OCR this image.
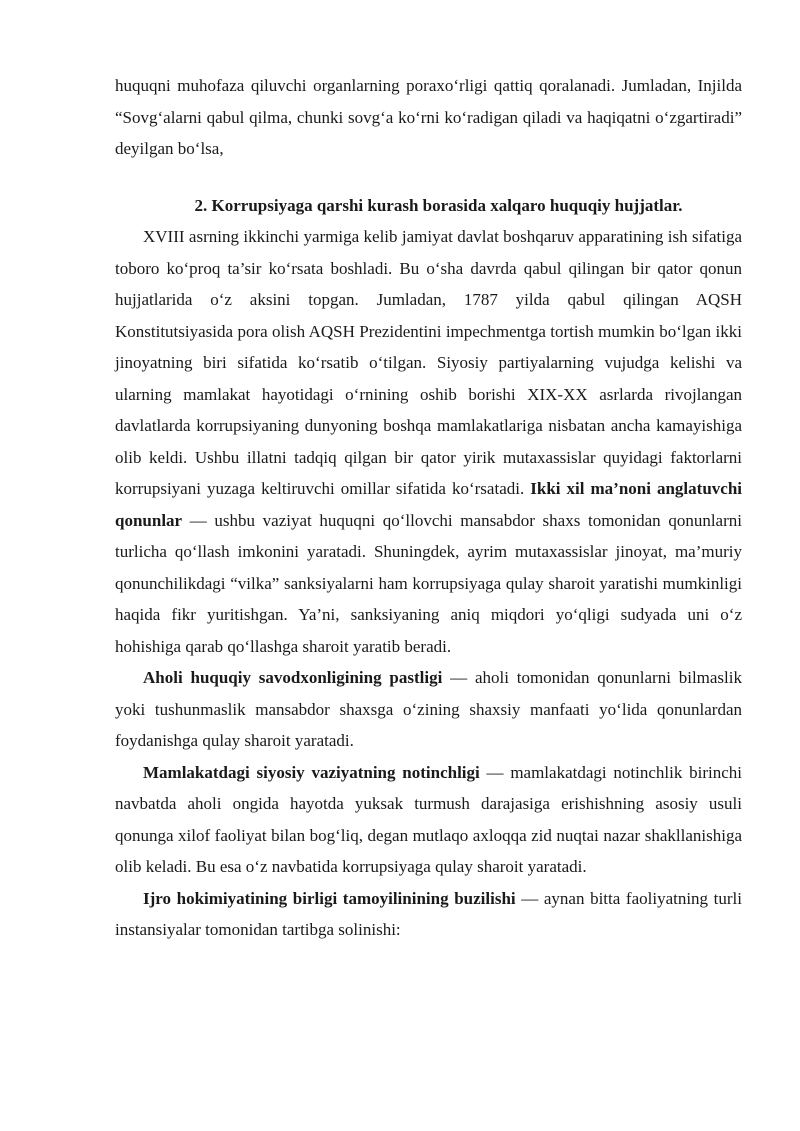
huquqni muhofaza qiluvchi organlarning poraxo‘rligi qattiq qoralanadi. Jumladan, Injilda “Sovg‘alarni qabul qilma, chunki sovg‘a ko‘rni ko‘radigan qiladi va haqiqatni o‘zgartiradi” deyilgan bo‘lsa,

2. Korrupsiyaga qarshi kurash borasida xalqaro huquqiy hujjatlar.

XVIII asrning ikkinchi yarmiga kelib jamiyat davlat boshqaruv apparatining ish sifatiga toboro ko‘proq ta’sir ko‘rsata boshladi. Bu o‘sha davrda qabul qilingan bir qator qonun hujjatlarida o‘z aksini topgan. Jumladan, 1787 yilda qabul qilingan AQSH Konstitutsiyasida pora olish AQSH Prezidentini impechmentga tortish mumkin bo‘lgan ikki jinoyatning biri sifatida ko‘rsatib o‘tilgan. Siyosiy partiyalarning vujudga kelishi va ularning mamlakat hayotidagi o‘rnining oshib borishi XIX-XX asrlarda rivojlangan davlatlarda korrupsiyaning dunyoning boshqa mamlakatlariga nisbatan ancha kamayishiga olib keldi. Ushbu illatni tadqiq qilgan bir qator yirik mutaxassislar quyidagi faktorlarni korrupsiyani yuzaga keltiruvchi omillar sifatida ko‘rsatadi. Ikki xil ma’noni anglatuvchi qonunlar — ushbu vaziyat huquqni qo‘llovchi mansabdor shaxs tomonidan qonunlarni turlicha qo‘llash imkonini yaratadi. Shuningdek, ayrim mutaxassislar jinoyat, ma’muriy qonunchilikdagi “vilka” sanksiyalarni ham korrupsiyaga qulay sharoit yaratishi mumkinligi haqida fikr yuritishgan. Ya’ni, sanksiyaning aniq miqdori yo‘qligi sudyada uni o‘z hohishiga qarab qo‘llashga sharoit yaratib beradi.

Aholi huquqiy savodxonligining pastligi — aholi tomonidan qonunlarni bilmaslik yoki tushunmaslik mansabdor shaxsga o‘zining shaxsiy manfaati yo‘lida qonunlardan foydanishga qulay sharoit yaratadi.

Mamlakatdagi siyosiy vaziyatning notinchligi — mamlakatdagi notinchlik birinchi navbatda aholi ongida hayotda yuksak turmush darajasiga erishishning asosiy usuli qonunga xilof faoliyat bilan bog‘liq, degan mutlaqo axloqqa zid nuqtai nazar shakllanishiga olib keladi. Bu esa o‘z navbatida korrupsiyaga qulay sharoit yaratadi.

Ijro hokimiyatining birligi tamoyilinining buzilishi — aynan bitta faoliyatning turli instansiyalar tomonidan tartibga solinishi:
